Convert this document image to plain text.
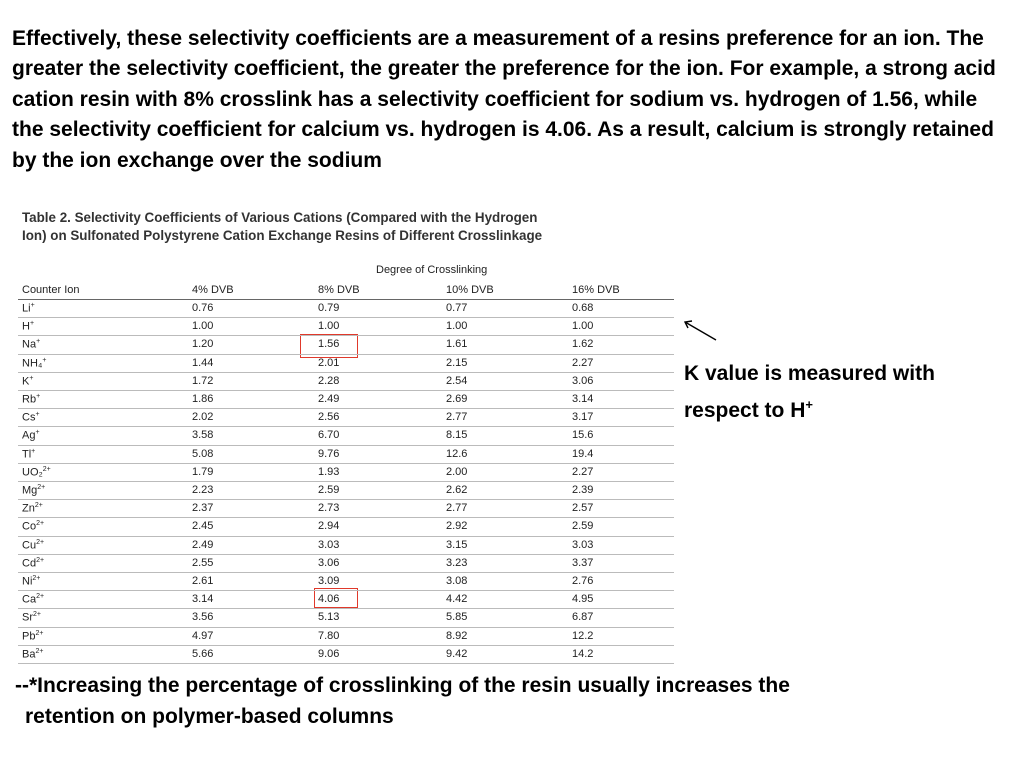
Effectively, these selectivity coefficients are a measurement of a resins preference for an ion. The greater the selectivity coefficient, the greater the preference for the ion. For example, a strong acid cation resin with 8% crosslink has a selectivity coefficient for sodium vs. hydrogen of 1.56, while the selectivity coefficient for calcium vs. hydrogen is 4.06. As a result, calcium is strongly retained by the ion exchange over the sodium

Table 2. Selectivity Coefficients of Various Cations (Compared with the Hydrogen
Ion) on Sulfonated Polystyrene Cation Exchange Resins of Different Crosslinkage
Degree of Crosslinking
Counter Ion	4% DVB	8% DVB	10% DVB	16% DVB
Li+	0.76	0.79	0.77	0.68
H+	1.00	1.00	1.00	1.00
Na+	1.20	1.56	1.61	1.62
NH₄+	1.44	2.01	2.15	2.27
K+	1.72	2.28	2.54	3.06
Rb+	1.86	2.49	2.69	3.14
Cs+	2.02	2.56	2.77	3.17
Ag+	3.58	6.70	8.15	15.6
Tl+	5.08	9.76	12.6	19.4
UO₂$^{2+}$	1.79	1.93	2.00	2.27
$Mg^{2+}$	2.23	2.59	2.62	2.39
$Zn^{2+}$	2.37	2.73	2.77	2.57
$Co^{2+}$	2.45	2.94	2.92	2.59
$Cu^{2+}$	2.49	3.03	3.15	3.03
$Cd^{2+}$	2.55	3.06	3.23	3.37
$Ni^{2+}$	2.61	3.09	3.08	2.76
$Ca^{2+}$	3.14	4.06	4.42	4.95
$Sr^{2+}$	3.56	5.13	5.85	6.87
$Pb^{2+}$	4.97	7.80	8.92	12.2
$Ba^{2+}$	5.66	9.06	9.42	14.2

K value is measured with respect to H+

--*Increasing the percentage of crosslinking of the resin usually increases the
retention on polymer-based columns
